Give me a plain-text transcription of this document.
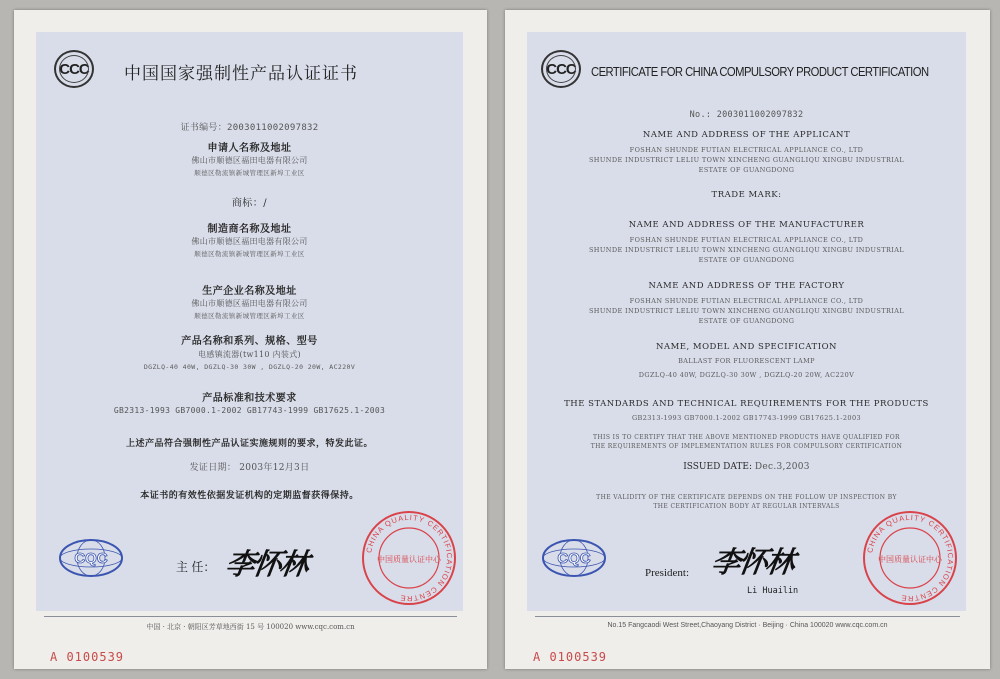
CCC 中国国家强制性产品认证证书
证书编号：2003011002097832
申请人名称及地址
佛山市顺德区福田电器有限公司
顺德区勒流镇新城管理区新埠工业区
商标：/
制造商名称及地址
佛山市顺德区福田电器有限公司
顺德区勒流镇新城管理区新埠工业区
生产企业名称及地址
佛山市顺德区福田电器有限公司
顺德区勒流镇新城管理区新埠工业区
产品名称和系列、规格、型号
电感镇流器(tw110 内装式)
DGZLQ-40 40W, DGZLQ-30 30W , DGZLQ-20 20W, AC220V
产品标准和技术要求
GB2313-1993 GB7000.1-2002 GB17743-1999 GB17625.1-2003
上述产品符合强制性产品认证实施规则的要求，特发此证。
发证日期： 2003年12月3日
本证书的有效性依据发证机构的定期监督获得保持。
CQC	主 任： 李怀林	CHINA QUALITY CERTIFICATION CENTRE
中国质量认证中心
中国 · 北京 · 朝阳区芳草地西街 15 号 100020 www.cqc.com.cn
A 0100539
CCC CERTIFICATE FOR CHINA COMPULSORY PRODUCT CERTIFICATION
No.: 2003011002097832
NAME AND ADDRESS OF THE APPLICANT
FOSHAN SHUNDE FUTIAN ELECTRICAL APPLIANCE CO., LTD
SHUNDE INDUSTRICT LELIU TOWN XINCHENG GUANGLIQU XINGBU INDUSTRIAL
ESTATE OF GUANGDONG
TRADE MARK:
NAME AND ADDRESS OF THE MANUFACTURER
FOSHAN SHUNDE FUTIAN ELECTRICAL APPLIANCE CO., LTD
SHUNDE INDUSTRICT LELIU TOWN XINCHENG GUANGLIQU XINGBU INDUSTRIAL
ESTATE OF GUANGDONG
NAME AND ADDRESS OF THE FACTORY
FOSHAN SHUNDE FUTIAN ELECTRICAL APPLIANCE CO., LTD
SHUNDE INDUSTRICT LELIU TOWN XINCHENG GUANGLIQU XINGBU INDUSTRIAL
ESTATE OF GUANGDONG
NAME, MODEL AND SPECIFICATION
BALLAST FOR FLUORESCENT LAMP
DGZLQ-40 40W, DGZLQ-30 30W , DGZLQ-20 20W, AC220V
THE STANDARDS AND TECHNICAL REQUIREMENTS FOR THE PRODUCTS
GB2313-1993 GB7000.1-2002 GB17743-1999 GB17625.1-2003
THIS IS TO CERTIFY THAT THE ABOVE MENTIONED PRODUCTS HAVE QUALIFIED FOR
THE REQUIREMENTS OF IMPLEMENTATION RULES FOR COMPULSORY CERTIFICATION
ISSUED DATE: Dec.3,2003
THE VALIDITY OF THE CERTIFICATE DEPENDS ON THE FOLLOW UP INSPECTION BY
THE CERTIFICATION BODY AT REGULAR INTERVALS
CQC
President: 李怀林
Li Huailin
CHINA QUALITY CERTIFICATION CENTRE
中国质量认证中心
No.15 Fangcaodi West Street,Chaoyang District · Beijing · China 100020 www.cqc.com.cn
A 0100539
